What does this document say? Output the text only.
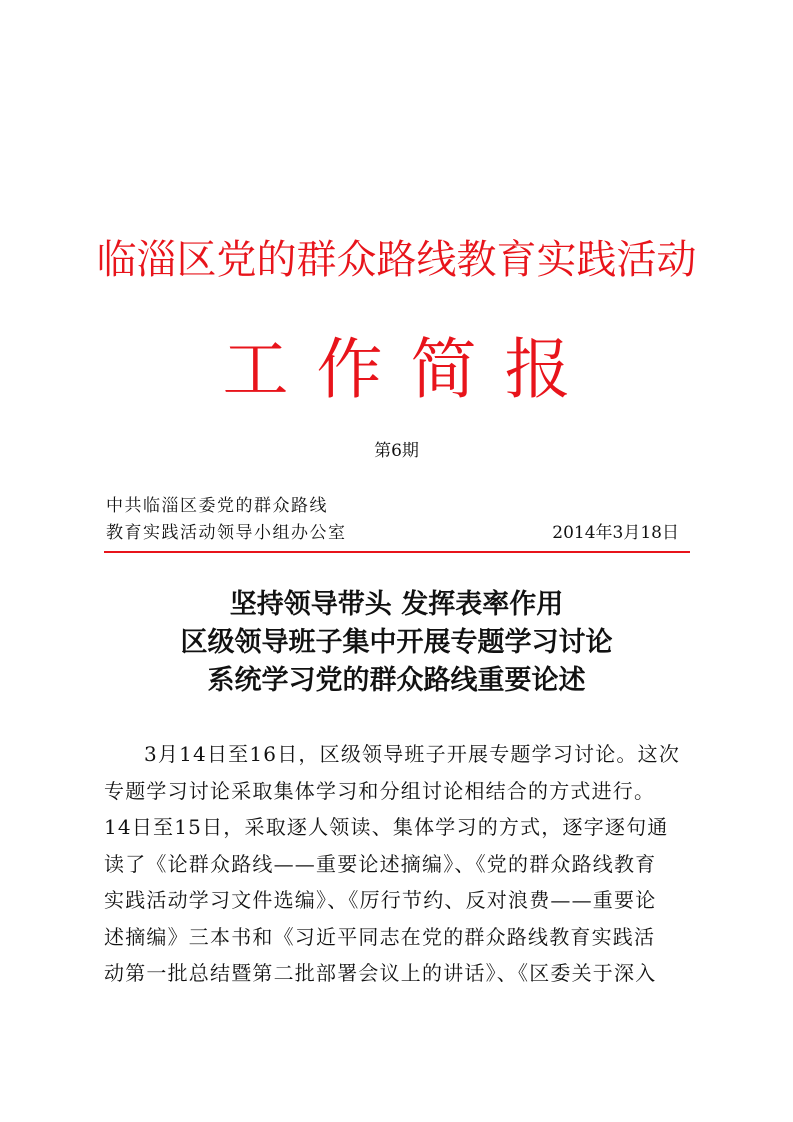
临淄区党的群众路线教育实践活动
工 作 简 报
第6期
中共临淄区委党的群众路线
教育实践活动领导小组办公室	2014年3月18日
坚持领导带头 发挥表率作用
区级领导班子集中开展专题学习讨论
系统学习党的群众路线重要论述
3月14日至16日，区级领导班子开展专题学习讨论。这次
专题学习讨论采取集体学习和分组讨论相结合的方式进行。
14日至15日，采取逐人领读、集体学习的方式，逐字逐句通
读了《论群众路线——重要论述摘编》、《党的群众路线教育
实践活动学习文件选编》、《厉行节约、反对浪费——重要论
述摘编》三本书和《习近平同志在党的群众路线教育实践活
动第一批总结暨第二批部署会议上的讲话》、《区委关于深入
